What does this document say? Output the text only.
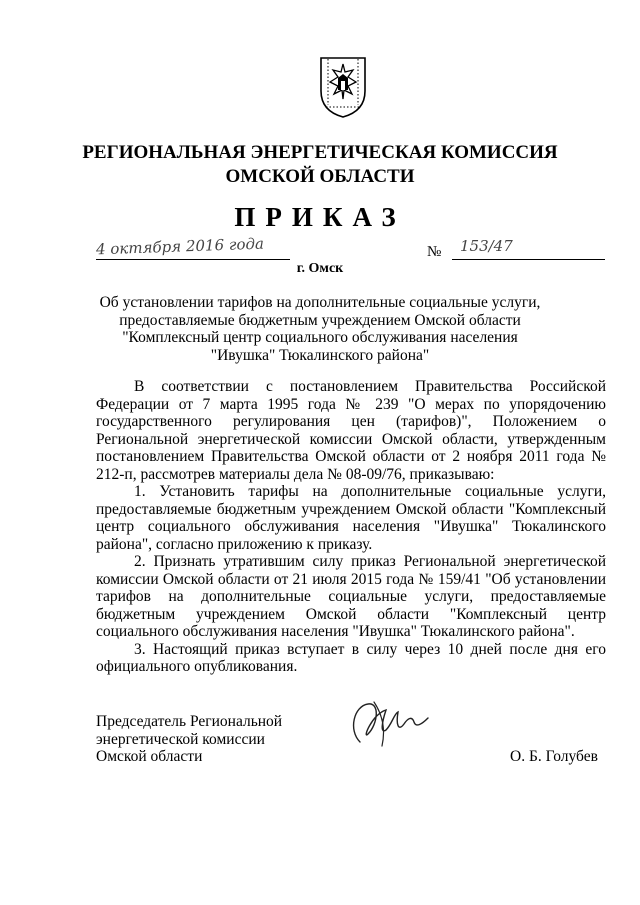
РЕГИОНАЛЬНАЯ ЭНЕРГЕТИЧЕСКАЯ КОМИССИЯ
ОМСКОЙ ОБЛАСТИ
ПРИКАЗ
4 октября 2016 года	№ 153/47
г. Омск
Об установлении тарифов на дополнительные социальные услуги,
предоставляемые бюджетным учреждением Омской области
"Комплексный центр социального обслуживания населения
"Ивушка" Тюкалинского района"

В соответствии с постановлением Правительства Российской Федерации от 7 марта 1995 года № 239 "О мерах по упорядочению государственного регулирования цен (тарифов)", Положением о Региональной энергетической комиссии Омской области, утвержденным постановлением Правительства Омской области от 2 ноября 2011 года № 212-п, рассмотрев материалы дела № 08-09/76, приказываю:

1. Установить тарифы на дополнительные социальные услуги, предоставляемые бюджетным учреждением Омской области "Комплексный центр социального обслуживания населения "Ивушка" Тюкалинского района", согласно приложению к приказу.

2. Признать утратившим силу приказ Региональной энергетической комиссии Омской области от 21 июля 2015 года № 159/41 "Об установлении тарифов на дополнительные социальные услуги, предоставляемые бюджетным учреждением Омской области "Комплексный центр социального обслуживания населения "Ивушка" Тюкалинского района".

3. Настоящий приказ вступает в силу через 10 дней после дня его официального опубликования.

Председатель Региональной
энергетической комиссии
Омской области	О. Б. Голубев
